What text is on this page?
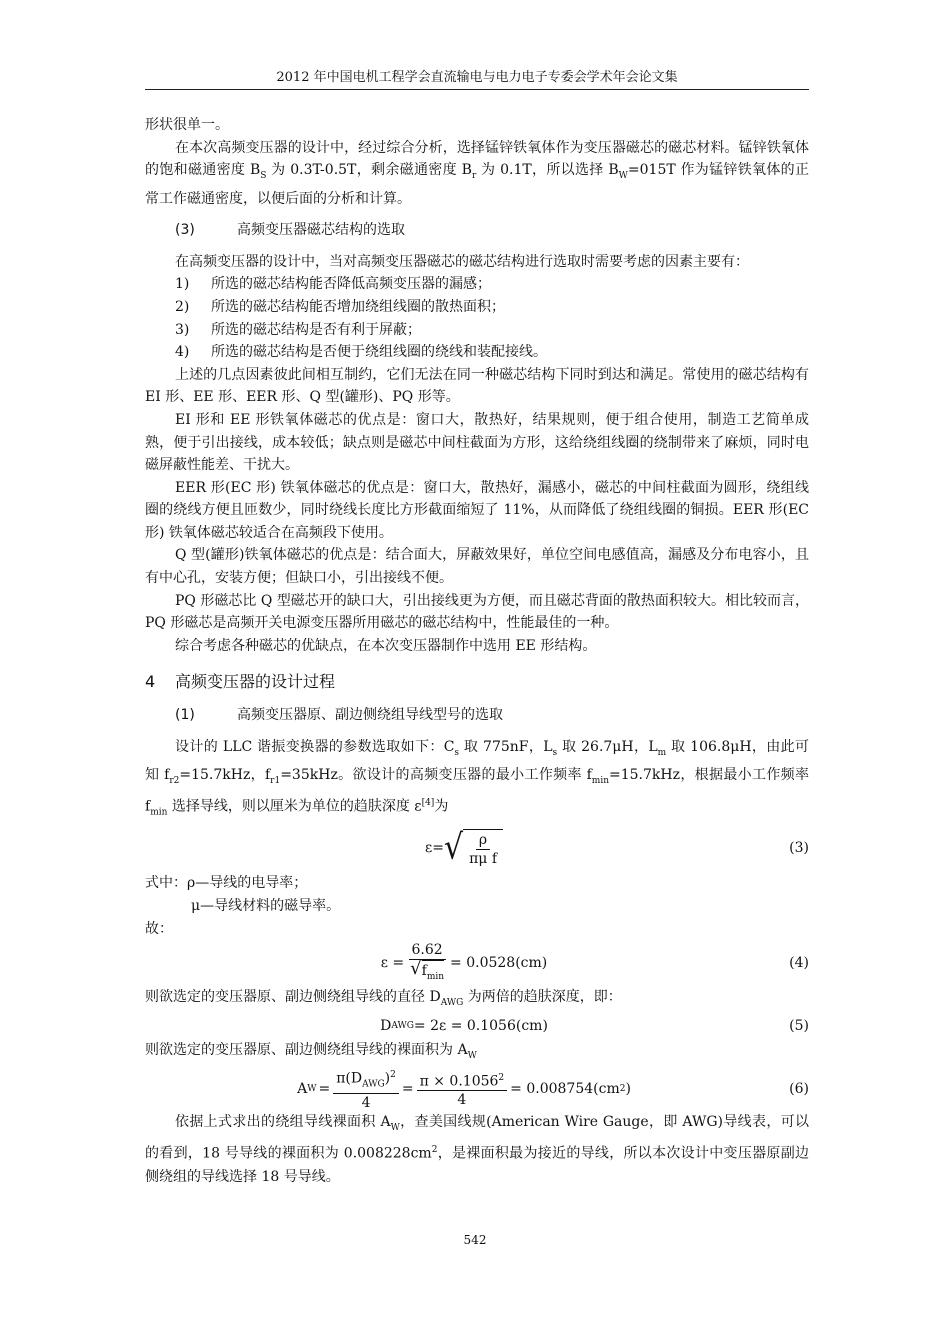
2012 年中国电机工程学会直流输电与电力电子专委会学术年会论文集

形状很单一。

在本次高频变压器的设计中，经过综合分析，选择锰锌铁氧体作为变压器磁芯的磁芯材料。锰锌铁氧体的饱和磁通密度 $B_S$ 为 0.3T-0.5T，剩余磁通密度 $B_r$ 为 0.1T，所以选择 $B_W=015T$ 作为锰锌铁氧体的正常工作磁通密度，以便后面的分析和计算。

(3)	高频变压器磁芯结构的选取

在高频变压器的设计中，当对高频变压器磁芯的磁芯结构进行选取时需要考虑的因素主要有：

1)	所选的磁芯结构能否降低高频变压器的漏感；
2)	所选的磁芯结构能否增加绕组线圈的散热面积；
3)	所选的磁芯结构是否有利于屏蔽；
4)	所选的磁芯结构是否便于绕组线圈的绕线和装配接线。

上述的几点因素彼此间相互制约，它们无法在同一种磁芯结构下同时到达和满足。常使用的磁芯结构有 EI 形、EE 形、EER 形、Q 型(罐形)、PQ 形等。

EI 形和 EE 形铁氧体磁芯的优点是：窗口大，散热好，结果规则，便于组合使用，制造工艺简单成熟，便于引出接线，成本较低；缺点则是磁芯中间柱截面为方形，这给绕组线圈的绕制带来了麻烦，同时电磁屏蔽性能差、干扰大。

EER 形(EC 形) 铁氧体磁芯的优点是：窗口大，散热好，漏感小，磁芯的中间柱截面为圆形，绕组线圈的绕线方便且匝数少，同时绕线长度比方形截面缩短了 11%，从而降低了绕组线圈的铜损。EER 形(EC 形) 铁氧体磁芯较适合在高频段下使用。

Q 型(罐形)铁氧体磁芯的优点是：结合面大，屏蔽效果好，单位空间电感值高，漏感及分布电容小，且有中心孔，安装方便；但缺口小，引出接线不便。

PQ 形磁芯比 Q 型磁芯开的缺口大，引出接线更为方便，而且磁芯背面的散热面积较大。相比较而言，PQ 形磁芯是高频开关电源变压器所用磁芯的磁芯结构中，性能最佳的一种。

综合考虑各种磁芯的优缺点，在本次变压器制作中选用 EE 形结构。

4 高频变压器的设计过程
(1)	高频变压器原、副边侧绕组导线型号的选取

设计的 LLC 谐振变换器的参数选取如下：$C_s$ 取 775nF，$L_s$ 取 26.7μH，$L_m$ 取 106.8μH，由此可知 $f_{r2}=15.7kHz$，$f_{r1}=35kHz$。欲设计的高频变压器的最小工作频率 $f_{min}=15.7kHz$，根据最小工作频率 $f_{min}$ 选择导线，则以厘米为单位的趋肤深度 ε[4]为

ε= √ $\frac{\rho}{\text{πμ f}}$	(3)

式中：ρ—导线的电导率；

μ—导线材料的磁导率。

故：

$\varepsilon = \frac{6.62}{√ f_{min}} = 0.0528(cm)$	(4)

则欲选定的变压器原、副边侧绕组导线的直径 $D_{AWG}$ 为两倍的趋肤深度，即：

D AWG = 2ε = 0.1056(cm)	(5)

则欲选定的变压器原、副边侧绕组导线的裸面积为 $A_W$

A $W = \frac{\pi(D_{AWG})^2}{4} = \frac{\pi \times 0.1056^2}{4} = 0.008754(cm$ 2 )	(6)

依据上式求出的绕组导线裸面积 $A_W$，查美国线规(American Wire Gauge，即 AWG)导线表，可以的看到，18 号导线的裸面积为 $0.008228cm^2$，是裸面积最为接近的导线，所以本次设计中变压器原副边侧绕组的导线选择 18 号导线。

542
